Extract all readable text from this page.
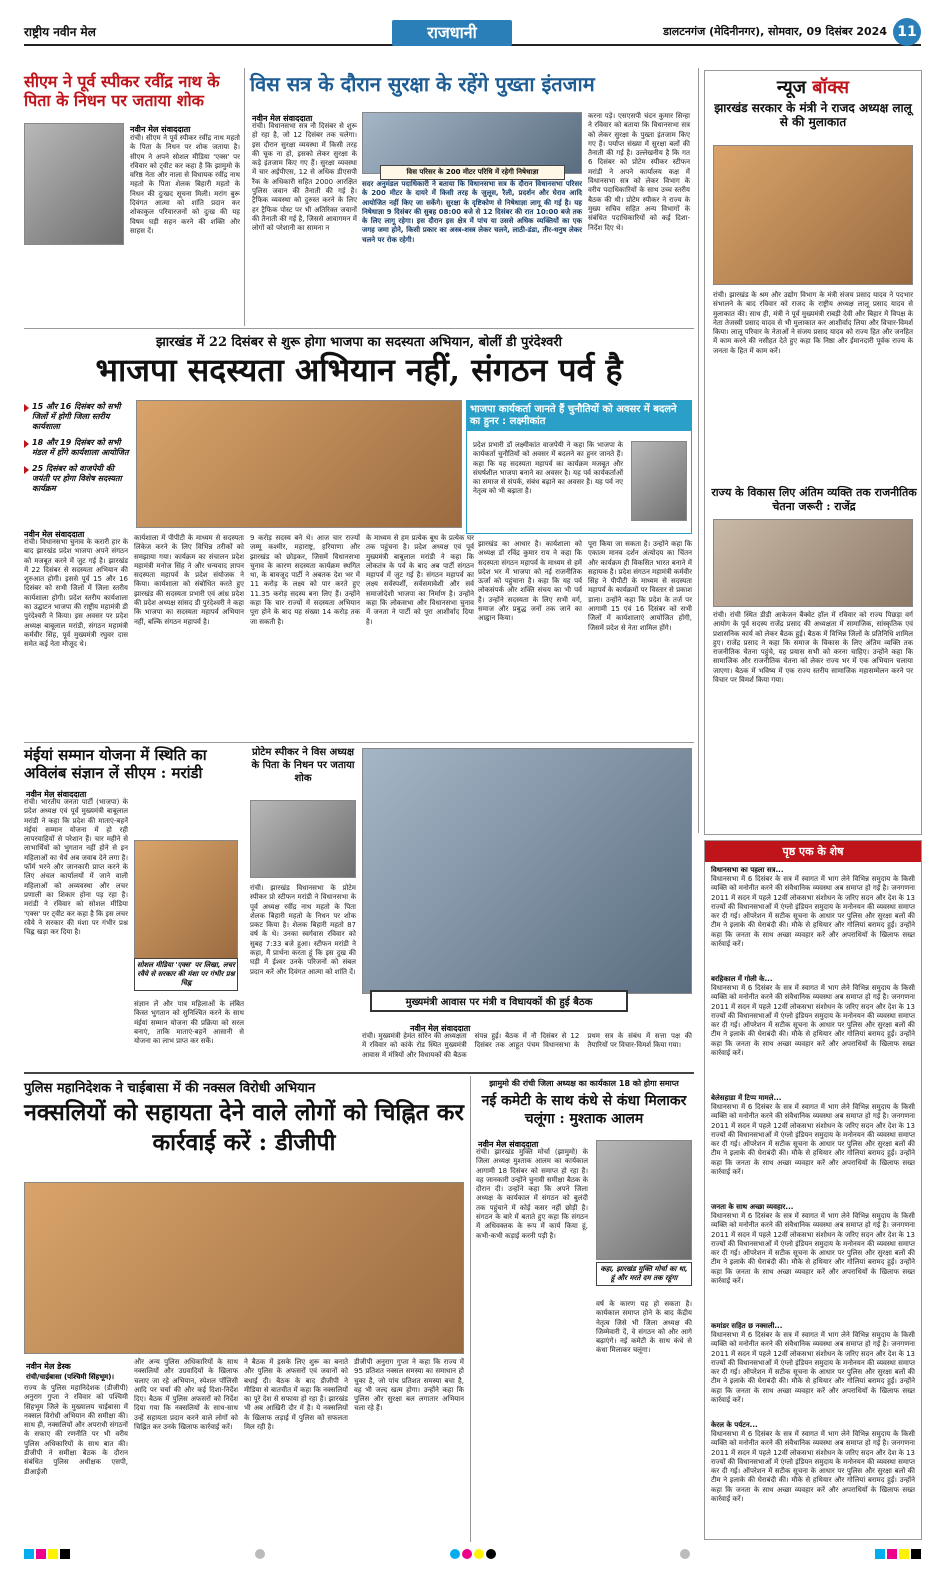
राष्ट्रीय नवीन मेल	राजधानी	डालटनगंज (मेदिनीनगर), सोमवार, 09 दिसंबर 2024 11
सीएम ने पूर्व स्पीकर रवींद्र नाथ के पिता के निधन पर जताया शोक
नवीन मेल संवाददाता
रांची। सीएम ने पूर्व स्पीकर रवींद्र नाथ महतो के पिता के निधन पर शोक जताया है। सीएम ने अपने सोशल मीडिया 'एक्स' पर रविवार को ट्वीट कर कहा है कि झामुमो के वरिष्ठ नेता और नाला से विधायक रवींद्र नाथ महतो के पिता शेलक बिहारी महतो के निधन की दुःखद सूचना मिली। मरांग बुरू दिवंगत आत्मा को शांति प्रदान कर शोकाकुल परिवारजनों को दुःख की यह विषम घड़ी सहन करने की शक्ति और साहस दें।
विस सत्र के दौरान सुरक्षा के रहेंगे पुख्ता इंतजाम
नवीन मेल संवाददाता
रांची। विधानसभा सत्र नौ दिसंबर से शुरू हो रहा है, जो 12 दिसंबर तक चलेगा। इस दौरान सुरक्षा व्यवस्था में किसी तरह की चूक ना हो, इसको लेकर सुरक्षा के कड़े इंतजाम किए गए हैं। सुरक्षा व्यवस्था में चार अईपीएस, 12 से अधिक डीएसपी रैंक के अधिकारी सहित 2000 आरक्षित पुलिस जवान की तैनाती की गई है। ट्रैफिक व्यवस्था को दुरुस्त करने के लिए हर ट्रैफिक पोस्ट पर भी अतिरिक्त जवानों की तैनाती की गई है, जिससे आवागमन में लोगों को परेशानी का सामना न
विस परिसर के 200 मीटर परिधि में रहेगी निषेधाज्ञा
सदर अनुमंडल पदाधिकारी ने बताया कि विधानसभा सत्र के दौरान विधानसभा परिसर के 200 मीटर के दायरे में किसी तरह के जुलूस, रैली, प्रदर्शन और घेराव आदि आयोजित नहीं किए जा सकेंगे। सुरक्षा के दृष्टिकोण से निषेधाज्ञा लागू की गई है। यह निषेधाज्ञा 9 दिसंबर की सुबह 08:00 बजे से 12 दिसंबर की रात 10:00 बजे तक के लिए लागू रहेगा। इस दौरान इस क्षेत्र में पांच या उससे अधिक व्यक्तियों का एक जगह जमा होने, किसी प्रकार का अस्त्र-शस्त्र लेकर चलने, लाठी-डंडा, तीर-धनुष लेकर चलने पर रोक रहेगी।
करना पड़े। एसएसपी चंदन कुमार सिन्हा ने रविवार को बताया कि विधानसभा सत्र को लेकर सुरक्षा के पुख्ता इंतजाम किए गए हैं। पर्याप्त संख्या में सुरक्षा बलों की तैनाती की गई है। उल्लेखनीय है कि गत 6 दिसंबर को प्रोटेम स्पीकर स्टीफन मरांडी ने अपने कार्यालय कक्ष में विधानसभा सत्र को लेकर विभाग के वरीय पदाधिकारियों के साथ उच्च स्तरीय बैठक की थी। प्रोटेम स्पीकर ने राज्य के मुख्य सचिव सहित अन्य विभागों के संबंधित पदाधिकारियों को कई दिशा-निर्देश दिए थे।
न्यूज बॉक्स
झारखंड सरकार के मंत्री ने राजद अध्यक्ष लालू से की मुलाकात
रांची। झारखंड के श्रम और उद्योग विभाग के मंत्री संजय प्रसाद यादव ने पदभार संभालने के बाद रविवार को राजद के राष्ट्रीय अध्यक्ष लालू प्रसाद यादव से मुलाकात की। साथ ही, मंत्री ने पूर्व मुख्यमंत्री राबड़ी देवी और बिहार में विपक्ष के नेता तेजस्वी प्रसाद यादव से भी मुलाकात कर आशीर्वाद लिया और विचार-विमर्श किया। लालू परिवार के नेताओं ने संजय प्रसाद यादव को राज्य हित और जनहित में काम करने की नसीहत देते हुए कहा कि निष्ठा और ईमानदारी पूर्वक राज्य के जनता के हित में काम करें।
राज्य के विकास लिए अंतिम व्यक्ति तक राजनीतिक चेतना जरूरी : राजेंद्र
रांची। रांची स्थित डीडी आकेजन बैंक्वेट हॉल में रविवार को राज्य पिछड़ा वर्ग आयोग के पूर्व सदस्य राजेंद्र प्रसाद की अध्यक्षता में सामाजिक, सांस्कृतिक एवं प्रशासनिक कार्य को लेकर बैठक हुई। बैठक में विभिन्न जिलों के प्रतिनिधि शामिल हुए। राजेंद्र प्रसाद ने कहा कि समाज के विकास के लिए अंतिम व्यक्ति तक राजनीतिक चेतना पहुंचे, यह प्रयास सभी को करना चाहिए। उन्होंने कहा कि सामाजिक और राजनीतिक चेतना को लेकर राज्य भर में एक अभियान चलाया जाएगा। बैठक में भविष्य में एक राज्य स्तरीय सामाजिक महासम्मेलन करने पर विचार पर विमर्श किया गया।
झारखंड में 22 दिसंबर से शुरू होगा भाजपा का सदस्यता अभियान, बोलीं डी पुरंदेश्वरी
भाजपा सदस्यता अभियान नहीं, संगठन पर्व है
15 और 16 दिसंबर को सभी जिलों में होगी जिला स्तरीय कार्यशाला
18 और 19 दिसंबर को सभी मंडल में होंगे कार्यशाला आयोजित
25 दिसंबर को वाजपेयी की जयंती पर होगा विशेष सदस्यता कार्यक्रम
भाजपा कार्यकर्ता जानते हैं चुनौतियों को अवसर में बदलने का हुनर : लक्ष्मीकांत
प्रदेश प्रभारी डॉ लक्ष्मीकांत वाजपेयी ने कहा कि भाजपा के कार्यकर्ता चुनौतियों को अवसर में बदलने का हुनर जानते हैं। कहा कि यह सदस्यता महापर्व का कार्यक्रम मजबूत और संघर्षशील भाजपा बनाने का अवसर है। यह पर्व कार्यकर्ताओं का समाज से संपर्क, संबंध बढ़ाने का अवसर है। यह पर्व नए नेतृत्व को भी बढ़ाता है।
नवीन मेल संवाददाता
रांची। विधानसभा चुनाव के करारी हार के बाद झारखंड प्रदेश भाजपा अपने संगठन को मजबूत करने में जुट गई है। झारखंड में 22 दिसंबर से सदस्यता अभियान की शुरुआत होगी। इससे पूर्व 15 और 16 दिसंबर को सभी जिलों में जिला स्तरीय कार्यशाला होगी। प्रदेश स्तरीय कार्यशाला का उद्घाटन भाजपा की राष्ट्रीय महामंत्री डी पुरंदेश्वरी ने किया। इस अवसर पर प्रदेश अध्यक्ष बाबूलाल मरांडी, संगठन महामंत्री कर्मवीर सिंह, पूर्व मुख्यमंत्री रघुवर दास समेत कई नेता मौजूद थे।
कार्यशाला में पीपीटी के माध्यम से सदस्यता लिंकेज करने के लिए विभिन्न तरीकों को समझाया गया। कार्यक्रम का संचालन प्रदेश महामंत्री मनोज सिंह ने और धन्यवाद ज्ञापन सदस्यता महापर्व के प्रदेश संयोजक ने किया। कार्यशाला को संबोधित करते हुए झारखंड की सदस्यता प्रभारी एवं आंध्र प्रदेश की प्रदेश अध्यक्ष सांसद डी पुरंदेश्वरी ने कहा कि भाजपा का सदस्यता महापर्व अभियान नहीं, बल्कि संगठन महापर्व है।
9 करोड़ सदस्य बने थे। आज चार राज्यों जम्मू कश्मीर, महाराष्ट्र, हरियाणा और झारखंड को छोड़कर, जिसमें विधानसभा चुनाव के कारण सदस्यता कार्यक्रम स्थगित था, के बावजूद पार्टी ने अबतक देश भर में 11 करोड़ के लक्ष्य को पार करते हुए 11.35 करोड़ सदस्य बना लिए हैं। उन्होंने कहा कि चार राज्यों में सदस्यता अभियान पूरा होने के बाद यह संख्या 14 करोड़ तक जा सकती है।
के माध्यम से हम प्रत्येक बूथ के प्रत्येक घर तक पहुंचना है। प्रदेश अध्यक्ष एवं पूर्व मुख्यमंत्री बाबूलाल मरांडी ने कहा कि लोकतंत्र के पर्व के बाद अब पार्टी संगठन महापर्व में जुट गई है। संगठन महापर्व का लक्ष्य सर्वस्पर्शी, सर्वसमावेशी और सर्व समाजोदेशी भाजपा का निर्माण है। उन्होंने कहा कि लोकसभा और विधानसभा चुनाव में जनता ने पार्टी को पूरा आशीर्वाद दिया है।
झारखंड का आधार है। कार्यशाला को अध्यक्ष डॉ रविंद्र कुमार राय ने कहा कि सदस्यता संगठन महापर्व के माध्यम से हमें प्रदेश भर में भाजपा को नई राजनीतिक ऊर्जा को पहुंचाना है। कहा कि यह पर्व लोकसंपर्क और शक्ति संचय का भी पर्व है। उन्होंने सदस्यता के लिए सभी वर्ग, समाज और प्रबुद्ध जनों तक जाने का आह्वान किया।
पूरा किया जा सकता है। उन्होंने कहा कि एकात्म मानव दर्शन अंत्योदय का चिंतन और कार्यक्रम ही विकसित भारत बनाने में सहायक है। प्रदेश संगठन महामंत्री कर्मवीर सिंह ने पीपीटी के माध्यम से सदस्यता महापर्व के कार्यक्रमों पर विस्तार से प्रकाश डाला। उन्होंने कहा कि प्रदेश के तर्ज पर आगामी 15 एवं 16 दिसंबर को सभी जिलों में कार्यशालाएं आयोजित होंगी, जिसमें प्रदेश से नेता शामिल होंगे।
मंईयां सम्मान योजना में स्थिति का अविलंब संज्ञान लें सीएम : मरांडी
नवीन मेल संवाददाता
रांची। भारतीय जनता पार्टी (भाजपा) के प्रदेश अध्यक्ष एवं पूर्व मुख्यमंत्री बाबूलाल मरांडी ने कहा कि प्रदेश की माताएं-बहनें मंईयां सम्मान योजना में हो रही लापरवाहियों से परेशान हैं। चार महीने से लाभार्थियों को भुगतान नहीं होने से इन महिलाओं का धैर्य अब जवाब देने लगा है। फॉर्म भरने और जानकारी प्राप्त करने के लिए अंचल कार्यालयों में जाने वाली महिलाओं को अव्यवस्था और लचर प्रणाली का शिकार होना पड़ रहा है। मरांडी ने रविवार को सोशल मीडिया 'एक्स' पर ट्वीट कर कहा है कि इस लचर रवैये ने सरकार की मंशा पर गंभीर प्रश्न चिह्न खड़ा कर दिया है।
सोशल मीडिया 'एक्स' पर लिखा, लचर रवैये से सरकार की मंशा पर गंभीर प्रश्न चिह्न
संज्ञान लें और पात्र महिलाओं के लंबित किस्त भुगतान को सुनिश्चित करने के साथ मंईयां सम्मान योजना की प्रक्रिया को सरल बनाएं, ताकि माताएं-बहनें आसानी से योजना का लाभ प्राप्त कर सकें।
प्रोटेम स्पीकर ने विस अध्यक्ष के पिता के निधन पर जताया शोक
रांची। झारखंड विधानसभा के प्रोटेम स्पीकर प्रो स्टीफन मरांडी ने विधानसभा के पूर्व अध्यक्ष रवींद्र नाथ महतो के पिता शेलक बिहारी महतो के निधन पर शोक प्रकट किया है। शेलक बिहारी महतो 87 वर्ष के थे। उनका स्वर्गवास रविवार को सुबह 7:33 बजे हुआ। स्टीफन मरांडी ने कहा, मैं प्रार्थना करता हूं कि इस दुख की घड़ी में ईश्वर उनके परिजनों को संबल प्रदान करें और दिवंगत आत्मा को शांति दें।
मुख्यमंत्री आवास पर मंत्री व विधायकों की हुई बैठक
नवीन मेल संवाददाता
रांची। मुख्यमंत्री हेमंत सोरेन की अध्यक्षता में रविवार को कांके रोड स्थित मुख्यमंत्री आवास में मंत्रियों और विधायकों की बैठक संपन्न हुई। बैठक में नौ दिसंबर से 12 दिसंबर तक आहूत पंचम विधानसभा के प्रथम सत्र के संबंध में सत्ता पक्ष की तैयारियों पर विचार-विमर्श किया गया।
पृष्ठ एक के शेष
विधानसभा का पहला सत्र...
विधानसभा में 6 दिसंबर के सत्र में स्वागत में भाग लेने विभिन्न समुदाय के किसी व्यक्ति को मनोनीत करने की संवैधानिक व्यवस्था अब समाप्त हो गई है। जनगणना 2011 में सदन में पहले 12वीं लोकसभा संशोधन के जरिए सदन और देश के 13 राज्यों की विधानसभाओं में एंग्लो इंडियन समुदाय के मनोनयन की व्यवस्था समाप्त कर दी गई। ऑपरेशन में सटीक सूचना के आधार पर पुलिस और सुरक्षा बलों की टीम ने इलाके की घेराबंदी की। मौके से हथियार और गोलियां बरामद हुईं। उन्होंने कहा कि जनता के साथ अच्छा व्यवहार करें और अपराधियों के खिलाफ सख्त कार्रवाई करें।
बरहिकाल में गोली के...
विधानसभा में 6 दिसंबर के सत्र में स्वागत में भाग लेने विभिन्न समुदाय के किसी व्यक्ति को मनोनीत करने की संवैधानिक व्यवस्था अब समाप्त हो गई है। जनगणना 2011 में सदन में पहले 12वीं लोकसभा संशोधन के जरिए सदन और देश के 13 राज्यों की विधानसभाओं में एंग्लो इंडियन समुदाय के मनोनयन की व्यवस्था समाप्त कर दी गई। ऑपरेशन में सटीक सूचना के आधार पर पुलिस और सुरक्षा बलों की टीम ने इलाके की घेराबंदी की। मौके से हथियार और गोलियां बरामद हुईं। उन्होंने कहा कि जनता के साथ अच्छा व्यवहार करें और अपराधियों के खिलाफ सख्त कार्रवाई करें।
बेलेसहाडा में टिप्प मामले...
विधानसभा में 6 दिसंबर के सत्र में स्वागत में भाग लेने विभिन्न समुदाय के किसी व्यक्ति को मनोनीत करने की संवैधानिक व्यवस्था अब समाप्त हो गई है। जनगणना 2011 में सदन में पहले 12वीं लोकसभा संशोधन के जरिए सदन और देश के 13 राज्यों की विधानसभाओं में एंग्लो इंडियन समुदाय के मनोनयन की व्यवस्था समाप्त कर दी गई। ऑपरेशन में सटीक सूचना के आधार पर पुलिस और सुरक्षा बलों की टीम ने इलाके की घेराबंदी की। मौके से हथियार और गोलियां बरामद हुईं। उन्होंने कहा कि जनता के साथ अच्छा व्यवहार करें और अपराधियों के खिलाफ सख्त कार्रवाई करें।
जनता के साथ अच्छा व्यवहार...
विधानसभा में 6 दिसंबर के सत्र में स्वागत में भाग लेने विभिन्न समुदाय के किसी व्यक्ति को मनोनीत करने की संवैधानिक व्यवस्था अब समाप्त हो गई है। जनगणना 2011 में सदन में पहले 12वीं लोकसभा संशोधन के जरिए सदन और देश के 13 राज्यों की विधानसभाओं में एंग्लो इंडियन समुदाय के मनोनयन की व्यवस्था समाप्त कर दी गई। ऑपरेशन में सटीक सूचना के आधार पर पुलिस और सुरक्षा बलों की टीम ने इलाके की घेराबंदी की। मौके से हथियार और गोलियां बरामद हुईं। उन्होंने कहा कि जनता के साथ अच्छा व्यवहार करें और अपराधियों के खिलाफ सख्त कार्रवाई करें।
कमांडर सहित छ नक्सली...
विधानसभा में 6 दिसंबर के सत्र में स्वागत में भाग लेने विभिन्न समुदाय के किसी व्यक्ति को मनोनीत करने की संवैधानिक व्यवस्था अब समाप्त हो गई है। जनगणना 2011 में सदन में पहले 12वीं लोकसभा संशोधन के जरिए सदन और देश के 13 राज्यों की विधानसभाओं में एंग्लो इंडियन समुदाय के मनोनयन की व्यवस्था समाप्त कर दी गई। ऑपरेशन में सटीक सूचना के आधार पर पुलिस और सुरक्षा बलों की टीम ने इलाके की घेराबंदी की। मौके से हथियार और गोलियां बरामद हुईं। उन्होंने कहा कि जनता के साथ अच्छा व्यवहार करें और अपराधियों के खिलाफ सख्त कार्रवाई करें।
केरल के पर्यटन...
विधानसभा में 6 दिसंबर के सत्र में स्वागत में भाग लेने विभिन्न समुदाय के किसी व्यक्ति को मनोनीत करने की संवैधानिक व्यवस्था अब समाप्त हो गई है। जनगणना 2011 में सदन में पहले 12वीं लोकसभा संशोधन के जरिए सदन और देश के 13 राज्यों की विधानसभाओं में एंग्लो इंडियन समुदाय के मनोनयन की व्यवस्था समाप्त कर दी गई। ऑपरेशन में सटीक सूचना के आधार पर पुलिस और सुरक्षा बलों की टीम ने इलाके की घेराबंदी की। मौके से हथियार और गोलियां बरामद हुईं। उन्होंने कहा कि जनता के साथ अच्छा व्यवहार करें और अपराधियों के खिलाफ सख्त कार्रवाई करें।
पुलिस महानिदेशक ने चाईबासा में की नक्सल विरोधी अभियान
नक्सलियों को सहायता देने वाले लोगों को चिह्नित कर कार्रवाई करें : डीजीपी
नवीन मेल डेस्क
रांची/चाईबासा (पश्चिमी सिंहभूम)।
राज्य के पुलिस महानिदेशक (डीजीपी) अनुराग गुप्ता ने रविवार को पश्चिमी सिंहभूम जिले के मुख्यालय चाईबासा में नक्सल विरोधी अभियान की समीक्षा की। साथ ही, नक्सलियों और अपराधी संगठनों के सफाए की रणनीति पर भी वरीय पुलिस अधिकारियों के साथ बात की। डीजीपी ने समीक्षा बैठक के दौरान संबंधित पुलिस अधीक्षक एसपी, डीआईजी
और अन्य पुलिस अधिकारियों के साथ नक्सलियों और उग्रवादियों के खिलाफ चलाए जा रहे अभियान, स्पेशल पॉलिसी आदि पर चर्चा की और कई दिशा-निर्देश दिए। बैठक में पुलिस अफसरों को निर्देश दिया गया कि नक्सलियों के साथ-साथ उन्हें सहायता प्रदान करने वाले लोगों को चिह्नित कर उनके खिलाफ कार्रवाई करें।
ने बैठक में इसके लिए शुरू का बनाते और पुलिस के अफसरों एवं जवानों को बधाई दी। बैठक के बाद डीजीपी ने मीडिया से बातचीत में कहा कि नक्सलियों का पूरे देश से सफाया हो रहा है। झारखंड भी अब आखिरी दौर में है। ये नक्सलियों के खिलाफ लड़ाई में पुलिस को सफलता मिल रही है।
डीजीपी अनुराग गुप्ता ने कहा कि राज्य में 95 प्रतिशत नक्सल समस्या का समाधान हो चुका है, जो पांच प्रतिशत समस्या बचा है, वह भी जल्द खत्म होगा। उन्होंने कहा कि पुलिस और सुरक्षा बल लगातार अभियान चला रहे हैं।
झामुमो की रांची जिला अध्यक्ष का कार्यकाल 18 को होगा समाप्त
नई कमेटी के साथ कंधे से कंधा मिलाकर चलूंगा : मुश्ताक आलम
नवीन मेल संवाददाता
रांची। झारखंड मुक्ति मोर्चा (झामुमो) के जिला अध्यक्ष मुश्ताक आलम का कार्यकाल आगामी 18 दिसंबर को समाप्त हो रहा है। वह जानकारी उन्होंने चुनावी समीक्षा बैठक के दौरान दी। उन्होंने कहा कि अपने जिला अध्यक्ष के कार्यकाल में संगठन को बुलंदी तक पहुंचाने में कोई कसर नहीं छोड़ी है। संगठन के बारे में बताते हुए कहा कि संगठन में अधिवक्तक के रूप में कार्य किया हूं, कभी-कभी कड़ाई करनी पड़ी है।
कहा, झारखंड मुक्ति मोर्चा का था, हूं और मरते दम तक रहूंगा
वर्ष के कारण यह हो सकता है। कार्यकाल समाप्त होने के बाद केंद्रीय नेतृत्व जिसे भी जिला अध्यक्ष की जिम्मेवारी दें, वे संगठन को और आगे बढ़ाएंगे। नई कमेटी के साथ कंधे से कंधा मिलाकर चलूंगा।
